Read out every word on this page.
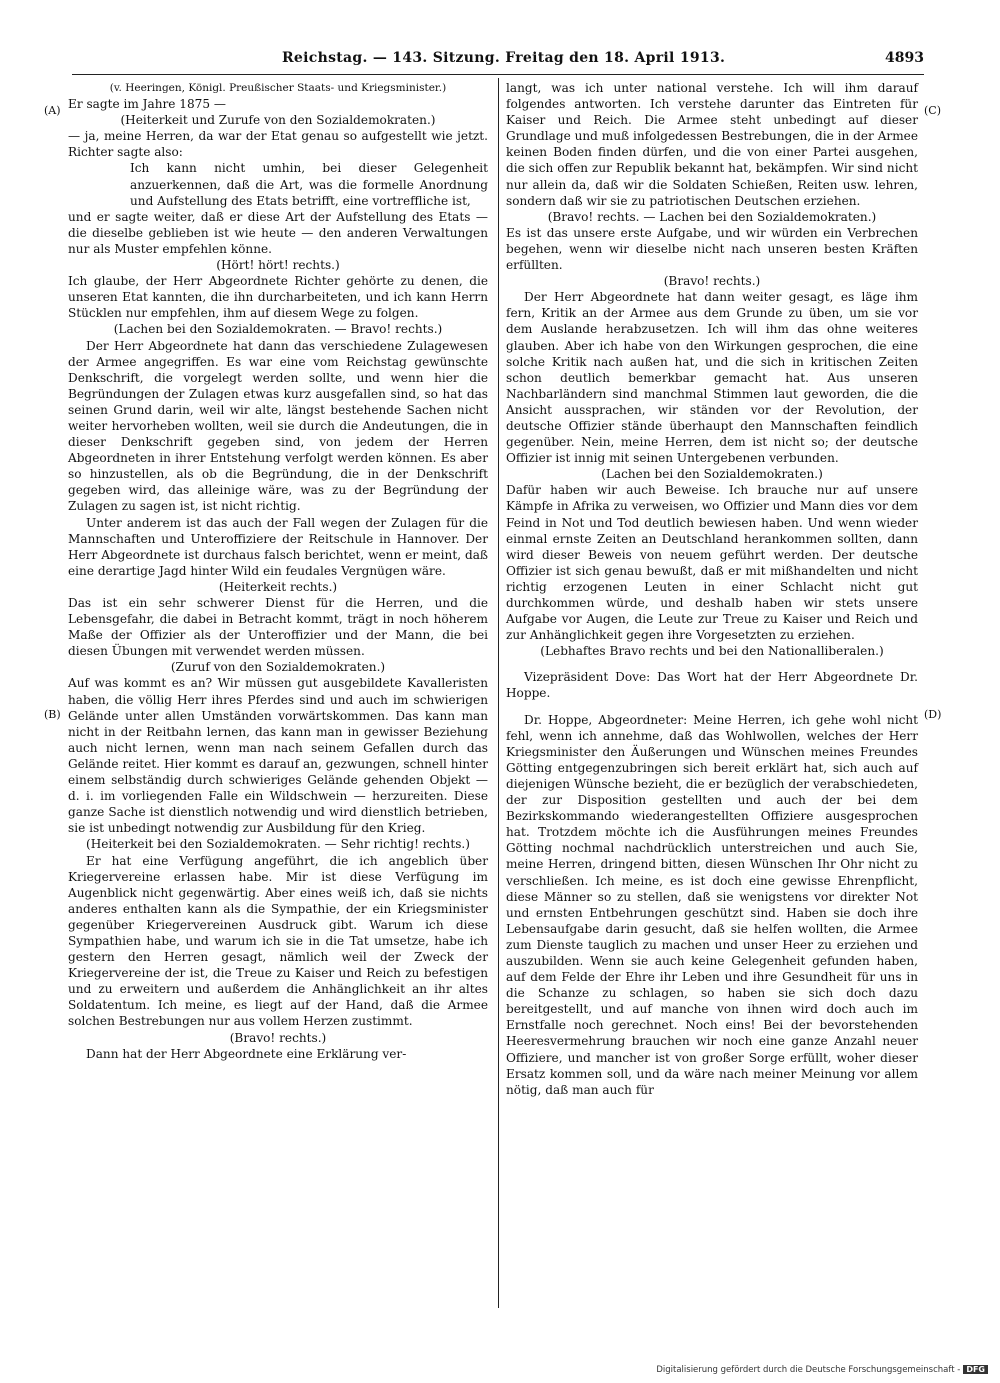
Reichstag. — 143. Sitzung. Freitag den 18. April 1913.	4893
(A)
(B)
(C)
(D)

(v. Heeringen, Königl. Preußischer Staats- und Kriegsminister.)

Er sagte im Jahre 1875 —

(Heiterkeit und Zurufe von den Sozialdemokraten.)

— ja, meine Herren, da war der Etat genau so aufgestellt wie jetzt. Richter sagte also:

Ich kann nicht umhin, bei dieser Gelegenheit anzuerkennen, daß die Art, was die formelle Anordnung und Aufstellung des Etats betrifft, eine vortreffliche ist,

und er sagte weiter, daß er diese Art der Aufstellung des Etats — die dieselbe geblieben ist wie heute — den anderen Verwaltungen nur als Muster empfehlen könne.

(Hört! hört! rechts.)

Ich glaube, der Herr Abgeordnete Richter gehörte zu denen, die unseren Etat kannten, die ihn durcharbeiteten, und ich kann Herrn Stücklen nur empfehlen, ihm auf diesem Wege zu folgen.

(Lachen bei den Sozialdemokraten. — Bravo! rechts.)

Der Herr Abgeordnete hat dann das verschiedene Zulagewesen der Armee angegriffen. Es war eine vom Reichstag gewünschte Denkschrift, die vorgelegt werden sollte, und wenn hier die Begründungen der Zulagen etwas kurz ausgefallen sind, so hat das seinen Grund darin, weil wir alte, längst bestehende Sachen nicht weiter hervorheben wollten, weil sie durch die Andeutungen, die in dieser Denkschrift gegeben sind, von jedem der Herren Abgeordneten in ihrer Entstehung verfolgt werden können. Es aber so hinzustellen, als ob die Begründung, die in der Denkschrift gegeben wird, das alleinige wäre, was zu der Begründung der Zulagen zu sagen ist, ist nicht richtig.

Unter anderem ist das auch der Fall wegen der Zulagen für die Mannschaften und Unteroffiziere der Reitschule in Hannover. Der Herr Abgeordnete ist durchaus falsch berichtet, wenn er meint, daß eine derartige Jagd hinter Wild ein feudales Vergnügen wäre.

(Heiterkeit rechts.)

Das ist ein sehr schwerer Dienst für die Herren, und die Lebensgefahr, die dabei in Betracht kommt, trägt in noch höherem Maße der Offizier als der Unteroffizier und der Mann, die bei diesen Übungen mit verwendet werden müssen.

(Zuruf von den Sozialdemokraten.)

Auf was kommt es an? Wir müssen gut ausgebildete Kavalleristen haben, die völlig Herr ihres Pferdes sind und auch im schwierigen Gelände unter allen Umständen vorwärtskommen. Das kann man nicht in der Reitbahn lernen, das kann man in gewisser Beziehung auch nicht lernen, wenn man nach seinem Gefallen durch das Gelände reitet. Hier kommt es darauf an, gezwungen, schnell hinter einem selbständig durch schwieriges Gelände gehenden Objekt — d. i. im vorliegenden Falle ein Wildschwein — herzureiten. Diese ganze Sache ist dienstlich notwendig und wird dienstlich betrieben, sie ist unbedingt notwendig zur Ausbildung für den Krieg.

(Heiterkeit bei den Sozialdemokraten. — Sehr richtig! rechts.)

Er hat eine Verfügung angeführt, die ich angeblich über Kriegervereine erlassen habe. Mir ist diese Verfügung im Augenblick nicht gegenwärtig. Aber eines weiß ich, daß sie nichts anderes enthalten kann als die Sympathie, der ein Kriegsminister gegenüber Kriegervereinen Ausdruck gibt. Warum ich diese Sympathien habe, und warum ich sie in die Tat umsetze, habe ich gestern den Herren gesagt, nämlich weil der Zweck der Kriegervereine der ist, die Treue zu Kaiser und Reich zu befestigen und zu erweitern und außerdem die Anhänglichkeit an ihr altes Soldatentum. Ich meine, es liegt auf der Hand, daß die Armee solchen Bestrebungen nur aus vollem Herzen zustimmt.

(Bravo! rechts.)

Dann hat der Herr Abgeordnete eine Erklärung ver-

langt, was ich unter national verstehe. Ich will ihm darauf folgendes antworten. Ich verstehe darunter das Eintreten für Kaiser und Reich. Die Armee steht unbedingt auf dieser Grundlage und muß infolgedessen Bestrebungen, die in der Armee keinen Boden finden dürfen, und die von einer Partei ausgehen, die sich offen zur Republik bekannt hat, bekämpfen. Wir sind nicht nur allein da, daß wir die Soldaten Schießen, Reiten usw. lehren, sondern daß wir sie zu patriotischen Deutschen erziehen.

(Bravo! rechts. — Lachen bei den Sozialdemokraten.)

Es ist das unsere erste Aufgabe, und wir würden ein Verbrechen begehen, wenn wir dieselbe nicht nach unseren besten Kräften erfüllten.

(Bravo! rechts.)

Der Herr Abgeordnete hat dann weiter gesagt, es läge ihm fern, Kritik an der Armee aus dem Grunde zu üben, um sie vor dem Auslande herabzusetzen. Ich will ihm das ohne weiteres glauben. Aber ich habe von den Wirkungen gesprochen, die eine solche Kritik nach außen hat, und die sich in kritischen Zeiten schon deutlich bemerkbar gemacht hat. Aus unseren Nachbarländern sind manchmal Stimmen laut geworden, die die Ansicht aussprachen, wir ständen vor der Revolution, der deutsche Offizier stände überhaupt den Mannschaften feindlich gegenüber. Nein, meine Herren, dem ist nicht so; der deutsche Offizier ist innig mit seinen Untergebenen verbunden.

(Lachen bei den Sozialdemokraten.)

Dafür haben wir auch Beweise. Ich brauche nur auf unsere Kämpfe in Afrika zu verweisen, wo Offizier und Mann dies vor dem Feind in Not und Tod deutlich bewiesen haben. Und wenn wieder einmal ernste Zeiten an Deutschland herankommen sollten, dann wird dieser Beweis von neuem geführt werden. Der deutsche Offizier ist sich genau bewußt, daß er mit mißhandelten und nicht richtig erzogenen Leuten in einer Schlacht nicht gut durchkommen würde, und deshalb haben wir stets unsere Aufgabe vor Augen, die Leute zur Treue zu Kaiser und Reich und zur Anhänglichkeit gegen ihre Vorgesetzten zu erziehen.

(Lebhaftes Bravo rechts und bei den Nationalliberalen.)

Vizepräsident Dove: Das Wort hat der Herr Abgeordnete Dr. Hoppe.

Dr. Hoppe, Abgeordneter: Meine Herren, ich gehe wohl nicht fehl, wenn ich annehme, daß das Wohlwollen, welches der Herr Kriegsminister den Äußerungen und Wünschen meines Freundes Götting entgegenzubringen sich bereit erklärt hat, sich auch auf diejenigen Wünsche bezieht, die er bezüglich der verabschiedeten, der zur Disposition gestellten und auch der bei dem Bezirkskommando wiederangestellten Offiziere ausgesprochen hat. Trotzdem möchte ich die Ausführungen meines Freundes Götting nochmal nachdrücklich unterstreichen und auch Sie, meine Herren, dringend bitten, diesen Wünschen Ihr Ohr nicht zu verschließen. Ich meine, es ist doch eine gewisse Ehrenpflicht, diese Männer so zu stellen, daß sie wenigstens vor direkter Not und ernsten Entbehrungen geschützt sind. Haben sie doch ihre Lebensaufgabe darin gesucht, daß sie helfen wollten, die Armee zum Dienste tauglich zu machen und unser Heer zu erziehen und auszubilden. Wenn sie auch keine Gelegenheit gefunden haben, auf dem Felde der Ehre ihr Leben und ihre Gesundheit für uns in die Schanze zu schlagen, so haben sie sich doch dazu bereitgestellt, und auf manche von ihnen wird doch auch im Ernstfalle noch gerechnet. Noch eins! Bei der bevorstehenden Heeresvermehrung brauchen wir noch eine ganze Anzahl neuer Offiziere, und mancher ist von großer Sorge erfüllt, woher dieser Ersatz kommen soll, und da wäre nach meiner Meinung vor allem nötig, daß man auch für

Digitalisierung gefördert durch die Deutsche Forschungsgemeinschaft - DFG
